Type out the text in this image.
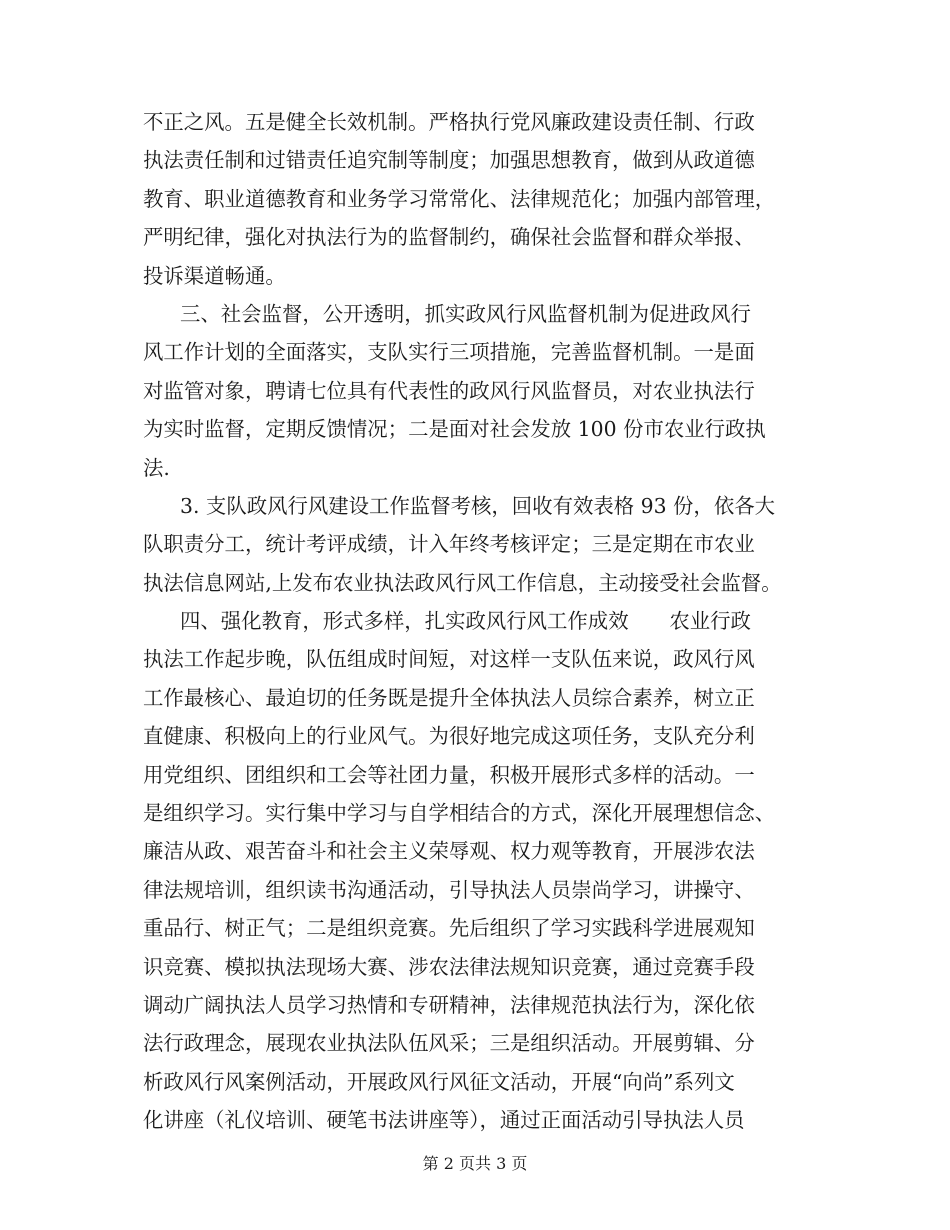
不正之风。五是健全长效机制。严格执行党风廉政建设责任制、行政
执法责任制和过错责任追究制等制度；加强思想教育，做到从政道德
教育、职业道德教育和业务学习常常化、法律规范化；加强内部管理，
严明纪律，强化对执法行为的监督制约，确保社会监督和群众举报、
投诉渠道畅通。
三、社会监督，公开透明，抓实政风行风监督机制为促进政风行
风工作计划的全面落实，支队实行三项措施，完善监督机制。一是面
对监管对象，聘请七位具有代表性的政风行风监督员，对农业执法行
为实时监督，定期反馈情况；二是面对社会发放 100 份市农业行政执
法.
3. 支队政风行风建设工作监督考核，回收有效表格 93 份，依各大
队职责分工，统计考评成绩，计入年终考核评定；三是定期在市农业
执法信息网站,上发布农业执法政风行风工作信息，主动接受社会监督。
四、强化教育，形式多样，扎实政风行风工作成效　　农业行政
执法工作起步晚，队伍组成时间短，对这样一支队伍来说，政风行风
工作最核心、最迫切的任务既是提升全体执法人员综合素养，树立正
直健康、积极向上的行业风气。为很好地完成这项任务，支队充分利
用党组织、团组织和工会等社团力量，积极开展形式多样的活动。一
是组织学习。实行集中学习与自学相结合的方式，深化开展理想信念、
廉洁从政、艰苦奋斗和社会主义荣辱观、权力观等教育，开展涉农法
律法规培训，组织读书沟通活动，引导执法人员崇尚学习，讲操守、
重品行、树正气；二是组织竞赛。先后组织了学习实践科学进展观知
识竞赛、模拟执法现场大赛、涉农法律法规知识竞赛，通过竞赛手段
调动广阔执法人员学习热情和专研精神，法律规范执法行为，深化依
法行政理念，展现农业执法队伍风采；三是组织活动。开展剪辑、分
析政风行风案例活动，开展政风行风征文活动，开展“向尚”系列文
化讲座（礼仪培训、硬笔书法讲座等），通过正面活动引导执法人员
第 2 页共 3 页
